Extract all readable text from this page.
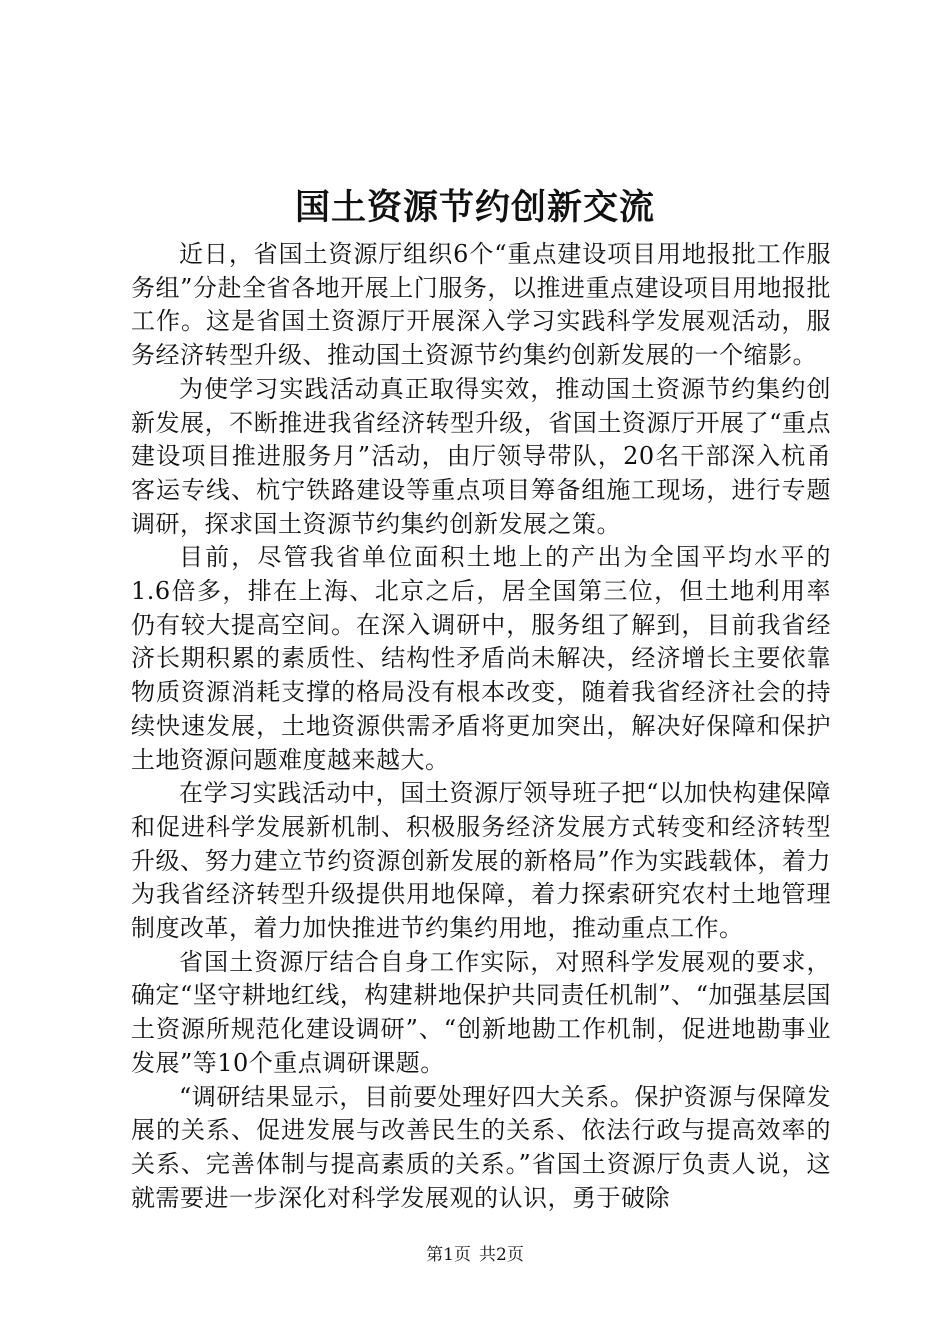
国土资源节约创新交流

近日，省国土资源厅组织6个“重点建设项目用地报批工作服务组”分赴全省各地开展上门服务，以推进重点建设项目用地报批工作。这是省国土资源厅开展深入学习实践科学发展观活动，服务经济转型升级、推动国土资源节约集约创新发展的一个缩影。

为使学习实践活动真正取得实效，推动国土资源节约集约创新发展，不断推进我省经济转型升级，省国土资源厅开展了“重点建设项目推进服务月”活动，由厅领导带队，20名干部深入杭甬客运专线、杭宁铁路建设等重点项目筹备组施工现场，进行专题调研，探求国土资源节约集约创新发展之策。

目前，尽管我省单位面积土地上的产出为全国平均水平的1.6倍多，排在上海、北京之后，居全国第三位，但土地利用率仍有较大提高空间。在深入调研中，服务组了解到，目前我省经济长期积累的素质性、结构性矛盾尚未解决，经济增长主要依靠物质资源消耗支撑的格局没有根本改变，随着我省经济社会的持续快速发展，土地资源供需矛盾将更加突出，解决好保障和保护土地资源问题难度越来越大。

在学习实践活动中，国土资源厅领导班子把“以加快构建保障和促进科学发展新机制、积极服务经济发展方式转变和经济转型升级、努力建立节约资源创新发展的新格局”作为实践载体，着力为我省经济转型升级提供用地保障，着力探索研究农村土地管理制度改革，着力加快推进节约集约用地，推动重点工作。

省国土资源厅结合自身工作实际，对照科学发展观的要求，确定“坚守耕地红线，构建耕地保护共同责任机制”、“加强基层国土资源所规范化建设调研”、“创新地勘工作机制，促进地勘事业发展”等10个重点调研课题。

“调研结果显示，目前要处理好四大关系。保护资源与保障发展的关系、促进发展与改善民生的关系、依法行政与提高效率的关系、完善体制与提高素质的关系。”省国土资源厅负责人说，这就需要进一步深化对科学发展观的认识，勇于破除

第1页 共2页
